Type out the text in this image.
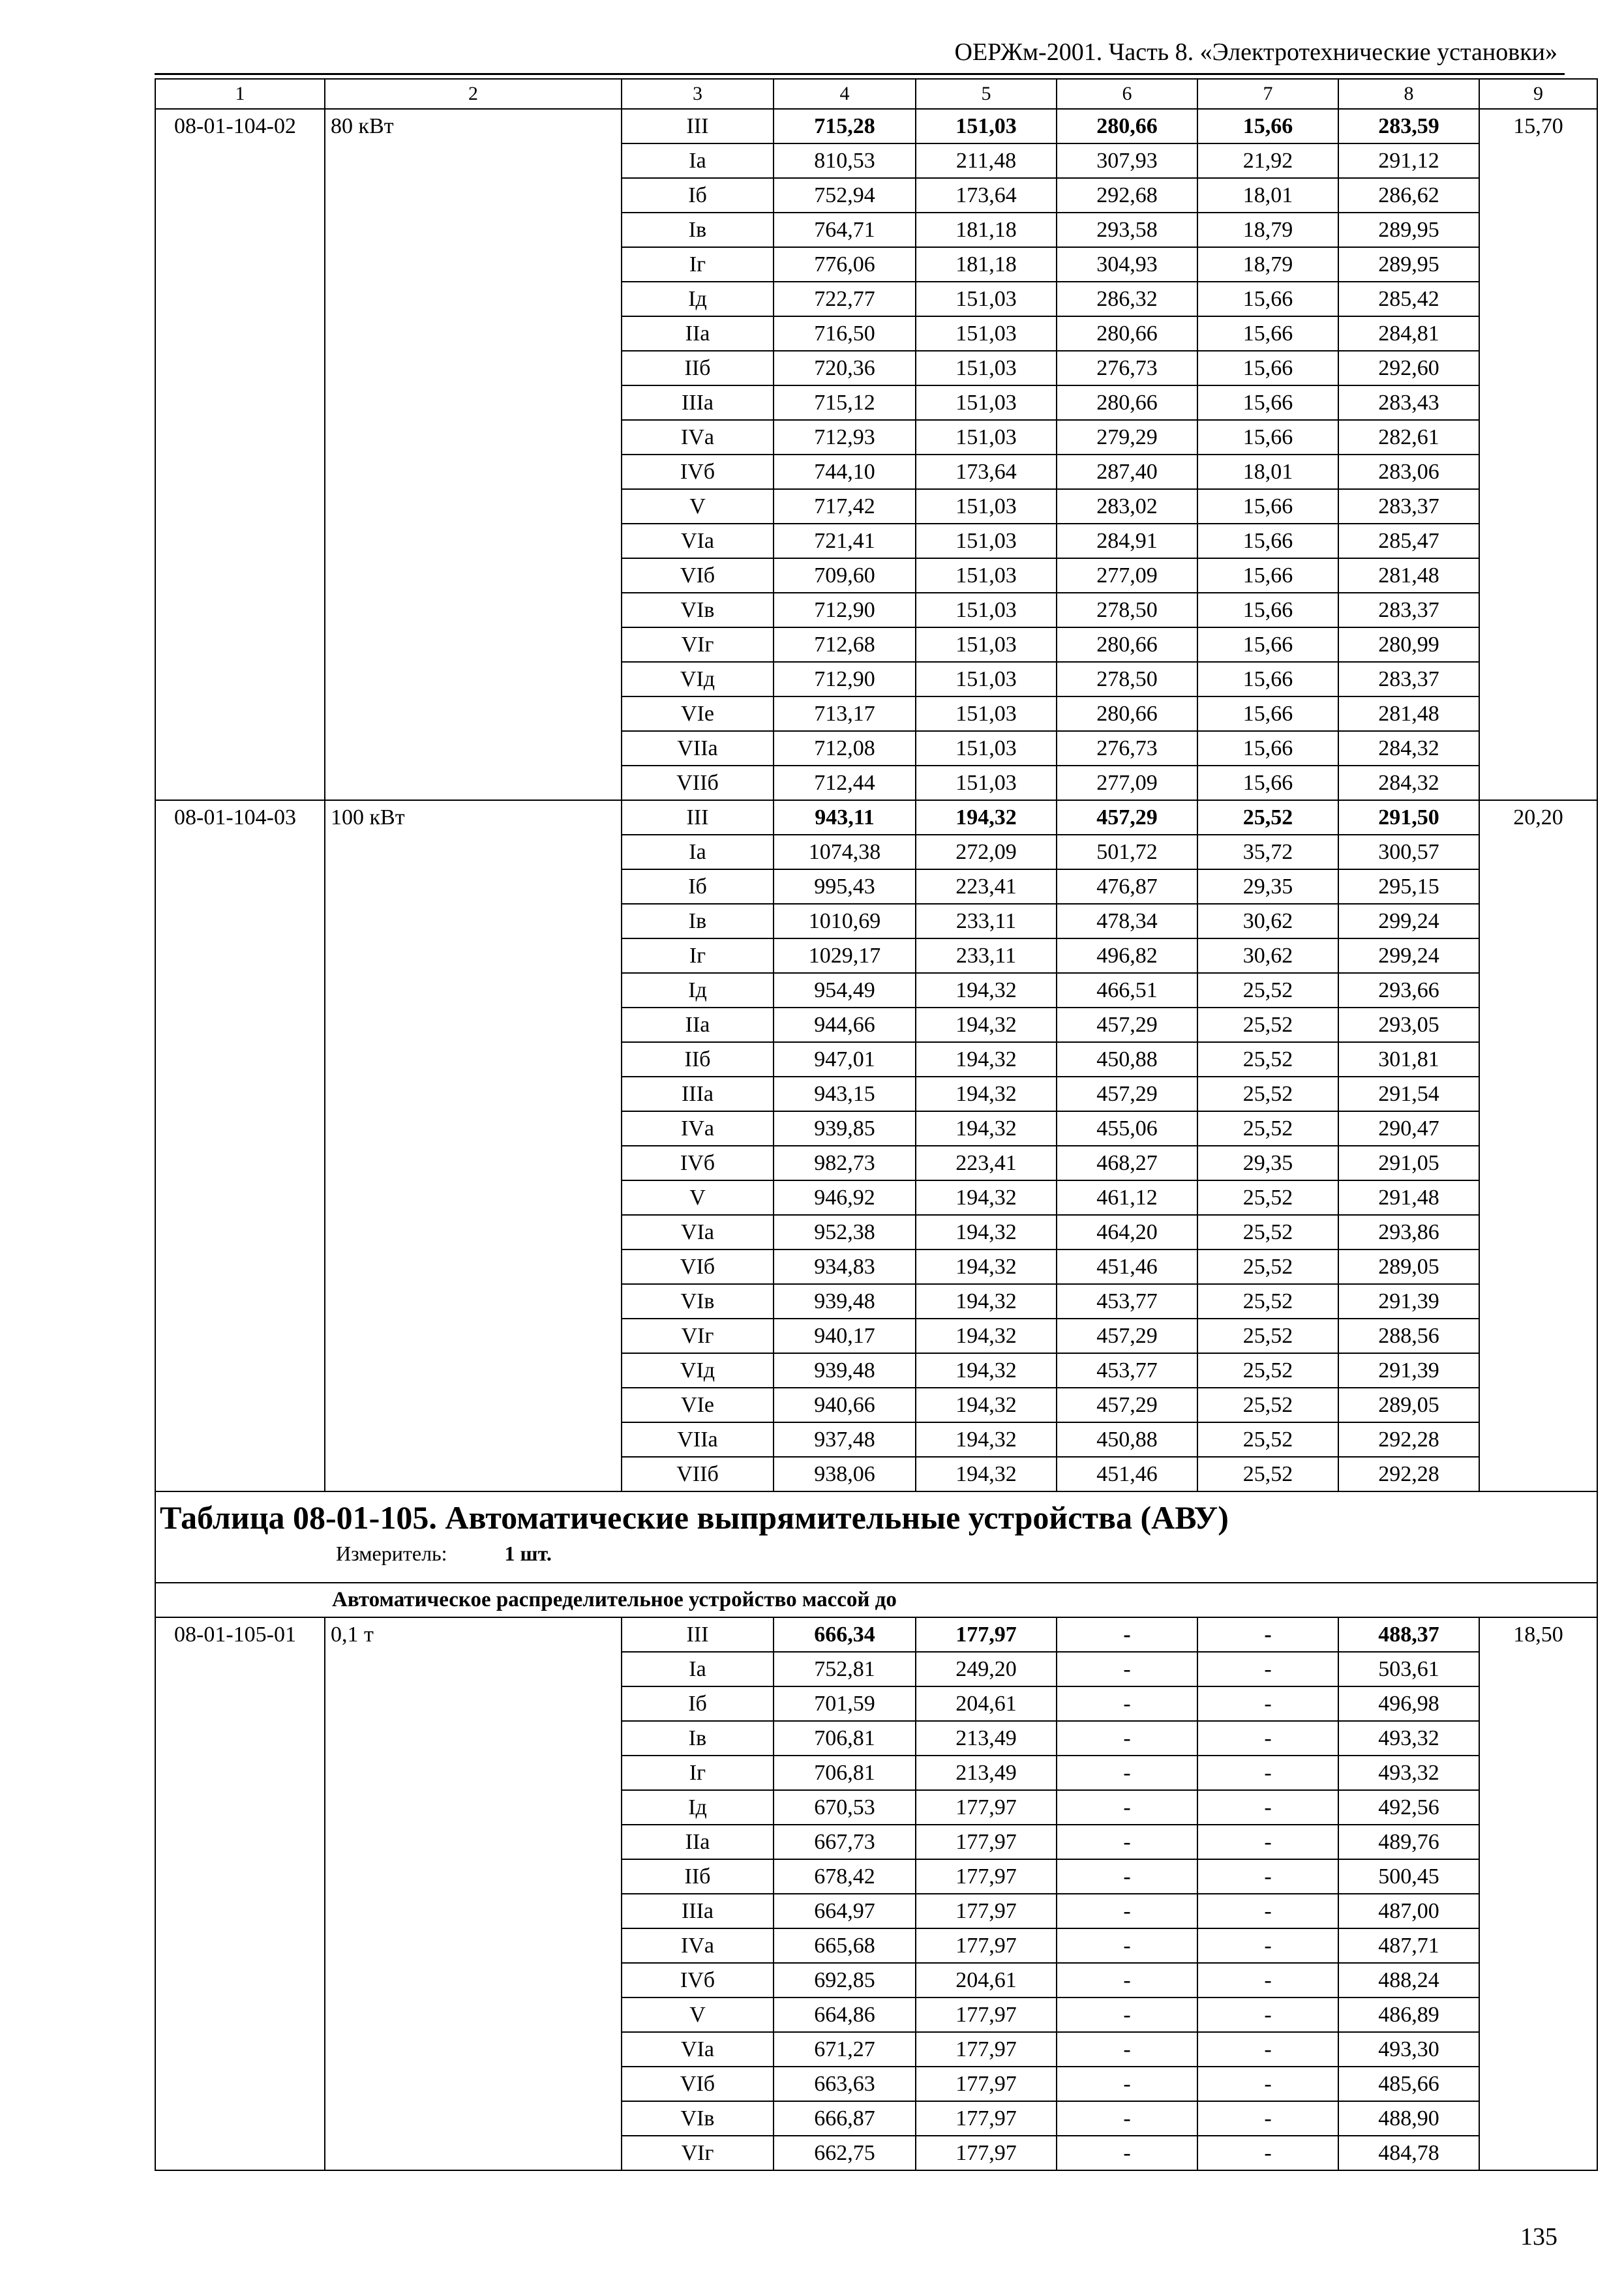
ОЕРЖм-2001. Часть 8. «Электротехнические установки»
1	2	3	4	5	6	7	8	9
08-01-104-02	80 кВт	III	715,28	151,03	280,66	15,66	283,59	15,70
		Iа	810,53	211,48	307,93	21,92	291,12	
		Iб	752,94	173,64	292,68	18,01	286,62	
		Iв	764,71	181,18	293,58	18,79	289,95	
		Iг	776,06	181,18	304,93	18,79	289,95	
		Iд	722,77	151,03	286,32	15,66	285,42	
		IIа	716,50	151,03	280,66	15,66	284,81	
		IIб	720,36	151,03	276,73	15,66	292,60	
		IIIа	715,12	151,03	280,66	15,66	283,43	
		IVа	712,93	151,03	279,29	15,66	282,61	
		IVб	744,10	173,64	287,40	18,01	283,06	
		V	717,42	151,03	283,02	15,66	283,37	
		VIа	721,41	151,03	284,91	15,66	285,47	
		VIб	709,60	151,03	277,09	15,66	281,48	
		VIв	712,90	151,03	278,50	15,66	283,37	
		VIг	712,68	151,03	280,66	15,66	280,99	
		VIд	712,90	151,03	278,50	15,66	283,37	
		VIе	713,17	151,03	280,66	15,66	281,48	
		VIIа	712,08	151,03	276,73	15,66	284,32	
		VIIб	712,44	151,03	277,09	15,66	284,32	
08-01-104-03	100 кВт	III	943,11	194,32	457,29	25,52	291,50	20,20
		Iа	1074,38	272,09	501,72	35,72	300,57	
		Iб	995,43	223,41	476,87	29,35	295,15	
		Iв	1010,69	233,11	478,34	30,62	299,24	
		Iг	1029,17	233,11	496,82	30,62	299,24	
		Iд	954,49	194,32	466,51	25,52	293,66	
		IIа	944,66	194,32	457,29	25,52	293,05	
		IIб	947,01	194,32	450,88	25,52	301,81	
		IIIа	943,15	194,32	457,29	25,52	291,54	
		IVа	939,85	194,32	455,06	25,52	290,47	
		IVб	982,73	223,41	468,27	29,35	291,05	
		V	946,92	194,32	461,12	25,52	291,48	
		VIа	952,38	194,32	464,20	25,52	293,86	
		VIб	934,83	194,32	451,46	25,52	289,05	
		VIв	939,48	194,32	453,77	25,52	291,39	
		VIг	940,17	194,32	457,29	25,52	288,56	
		VIд	939,48	194,32	453,77	25,52	291,39	
		VIе	940,66	194,32	457,29	25,52	289,05	
		VIIа	937,48	194,32	450,88	25,52	292,28	
		VIIб	938,06	194,32	451,46	25,52	292,28	

Таблица 08-01-105. Автоматические выпрямительные устройства (АВУ)
Измеритель: 1 шт.								

Автоматическое распределительное устройство массой до								
08-01-105-01	0,1 т	III	666,34	177,97	-	-	488,37	18,50
		Iа	752,81	249,20	-	-	503,61	
		Iб	701,59	204,61	-	-	496,98	
		Iв	706,81	213,49	-	-	493,32	
		Iг	706,81	213,49	-	-	493,32	
		Iд	670,53	177,97	-	-	492,56	
		IIа	667,73	177,97	-	-	489,76	
		IIб	678,42	177,97	-	-	500,45	
		IIIа	664,97	177,97	-	-	487,00	
		IVа	665,68	177,97	-	-	487,71	
		IVб	692,85	204,61	-	-	488,24	
		V	664,86	177,97	-	-	486,89	
		VIа	671,27	177,97	-	-	493,30	
		VIб	663,63	177,97	-	-	485,66	
		VIв	666,87	177,97	-	-	488,90	
		VIг	662,75	177,97	-	-	484,78	
135
